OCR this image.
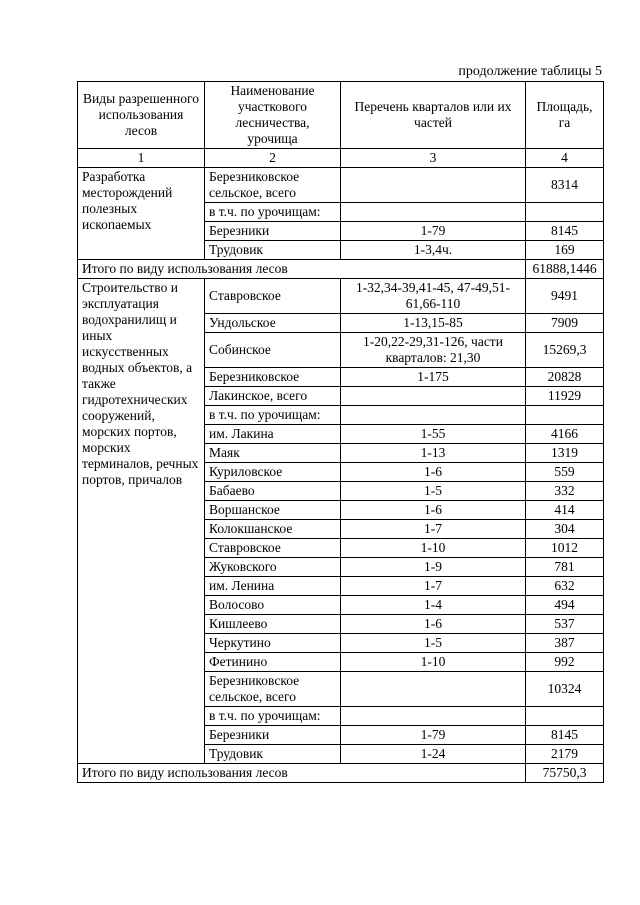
продолжение таблицы 5
Виды разрешенного использования лесов	Наименование участкового лесничества, урочища	Перечень кварталов или их частей	Площадь, га
1	2	3	4
Разработка месторождений полезных ископаемых	Березниковское сельское, всего		8314
	в т.ч. по урочищам:		
	Березники	1-79	8145
	Трудовик	1-3,4ч.	169
Итого по виду использования лесов			61888,1446
Строительство и эксплуатация водохранилищ и иных искусственных водных объектов, а также гидротехнических сооружений, морских портов, морских терминалов, речных портов, причалов	Ставровское	1-32,34-39,41-45, 47-49,51-61,66-110	9491
	Ундольское	1-13,15-85	7909
	Собинское	1-20,22-29,31-126, части кварталов: 21,30	15269,3
	Березниковское	1-175	20828
	Лакинское, всего		11929
	в т.ч. по урочищам:		
	им. Лакина	1-55	4166
	Маяк	1-13	1319
	Куриловское	1-6	559
	Бабаево	1-5	332
	Воршанское	1-6	414
	Колокшанское	1-7	304
	Ставровское	1-10	1012
	Жуковского	1-9	781
	им. Ленина	1-7	632
	Волосово	1-4	494
	Кишлеево	1-6	537
	Черкутино	1-5	387
	Фетинино	1-10	992
	Березниковское сельское, всего		10324
	в т.ч. по урочищам:		
	Березники	1-79	8145
	Трудовик	1-24	2179
Итого по виду использования лесов			75750,3
